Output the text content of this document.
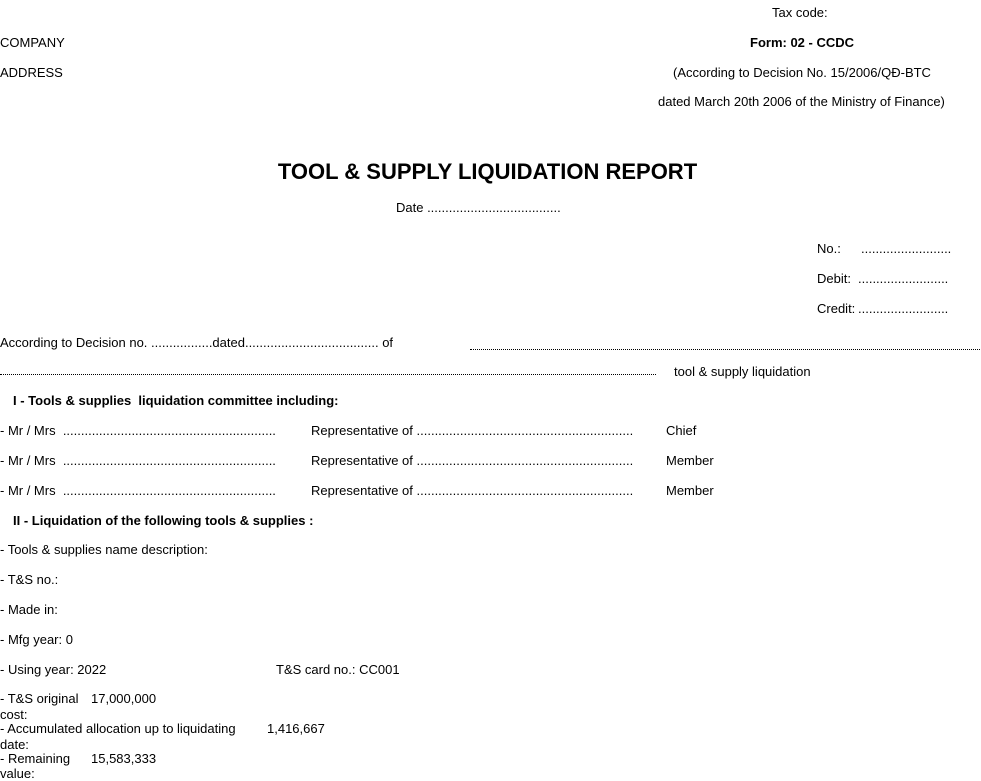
Tax code:
COMPANY
ADDRESS
Form: 02 - CCDC
(According to Decision No. 15/2006/QĐ-BTC
dated March 20th 2006 of the Ministry of Finance)
TOOL & SUPPLY LIQUIDATION REPORT
Date .....................................
No.: .........................
Debit: .........................
Credit: .........................
According to Decision no. .................dated..................................... of
tool & supply liquidation
I - Tools & supplies  liquidation committee including:
- Mr / Mrs  ...........................................................	Representative of ............................................................	Chief
- Mr / Mrs  ...........................................................	Representative of ............................................................	Member
- Mr / Mrs  ...........................................................	Representative of ............................................................	Member
II - Liquidation of the following tools & supplies :
- Tools & supplies name description:
- T&S no.:
- Made in:
- Mfg year: 0
- Using year: 2022	T&S card no.: CC001
- T&S original
cost:
17,000,000
- Accumulated allocation up to liquidating
date:
1,416,667
- Remaining
value:
15,583,333
